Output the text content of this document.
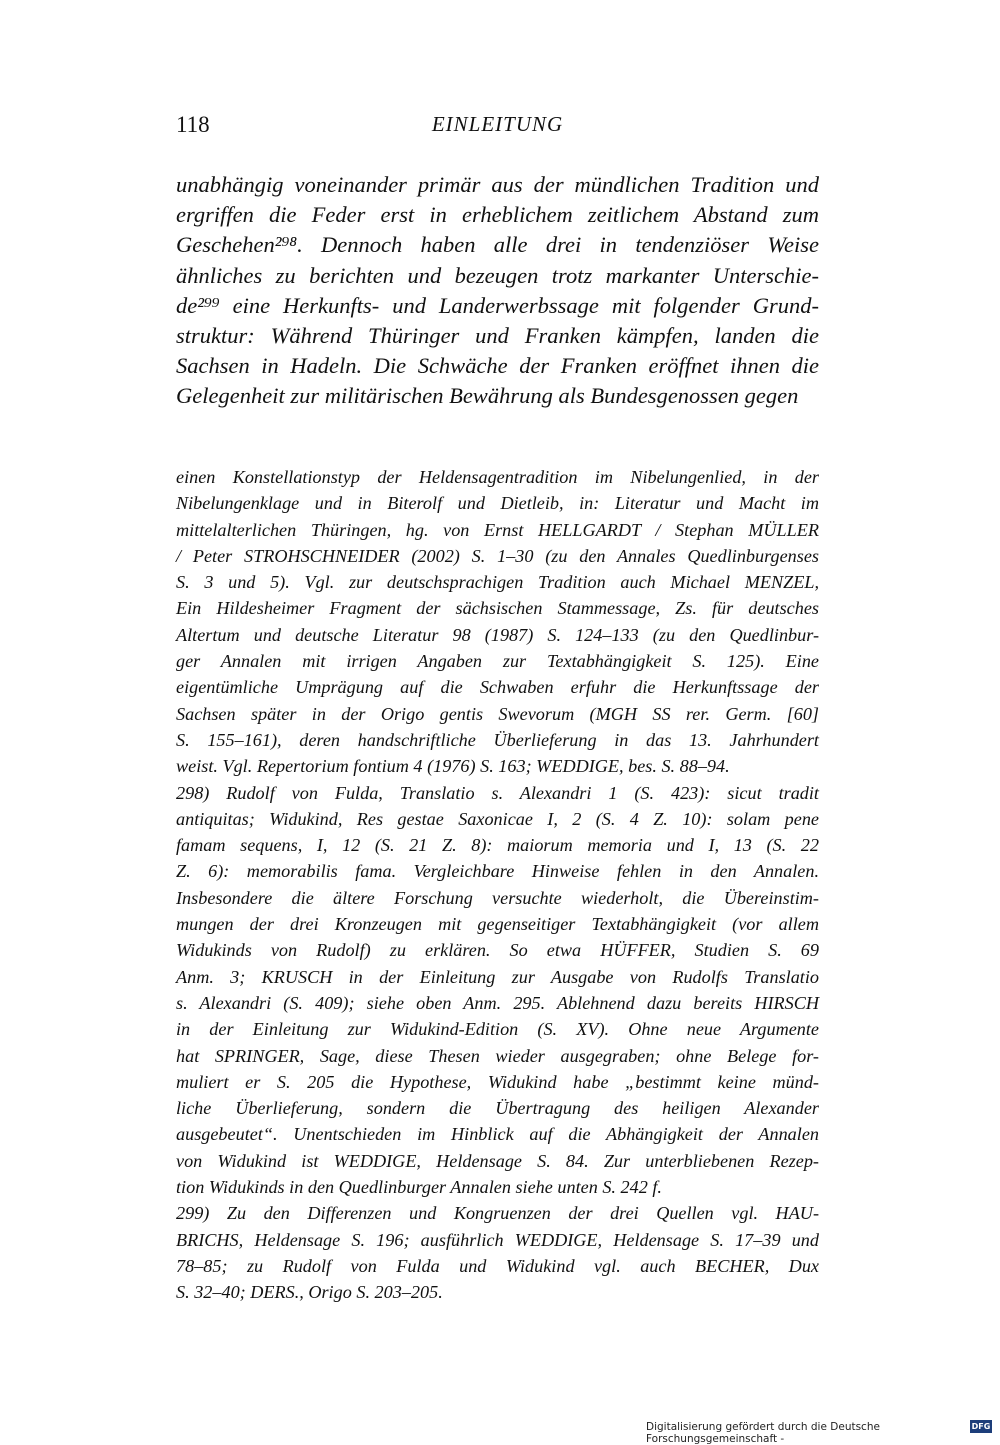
118	EINLEITUNG
unabhängig voneinander primär aus der mündlichen Tradition und
ergriffen die Feder erst in erheblichem zeitlichem Abstand zum
Geschehen²⁹⁸. Dennoch haben alle drei in tendenziöser Weise
ähnliches zu berichten und bezeugen trotz markanter Unterschie-
de²⁹⁹ eine Herkunfts- und Landerwerbssage mit folgender Grund-
struktur: Während Thüringer und Franken kämpfen, landen die
Sachsen in Hadeln. Die Schwäche der Franken eröffnet ihnen die
Gelegenheit zur militärischen Bewährung als Bundesgenossen gegen
einen Konstellationstyp der Heldensagentradition im Nibelungenlied, in der
Nibelungenklage und in Biterolf und Dietleib, in: Literatur und Macht im
mittelalterlichen Thüringen, hg. von Ernst HELLGARDT / Stephan MÜLLER
/ Peter STROHSCHNEIDER (2002) S. 1–30 (zu den Annales Quedlinburgenses
S. 3 und 5). Vgl. zur deutschsprachigen Tradition auch Michael MENZEL,
Ein Hildesheimer Fragment der sächsischen Stammessage, Zs. für deutsches
Altertum und deutsche Literatur 98 (1987) S. 124–133 (zu den Quedlinbur-
ger Annalen mit irrigen Angaben zur Textabhängigkeit S. 125). Eine
eigentümliche Umprägung auf die Schwaben erfuhr die Herkunftssage der
Sachsen später in der Origo gentis Swevorum (MGH SS rer. Germ. [60]
S. 155–161), deren handschriftliche Überlieferung in das 13. Jahrhundert
weist. Vgl. Repertorium fontium 4 (1976) S. 163; WEDDIGE, bes. S. 88–94.
298) Rudolf von Fulda, Translatio s. Alexandri 1 (S. 423): sicut tradit
antiquitas; Widukind, Res gestae Saxonicae I, 2 (S. 4 Z. 10): solam pene
famam sequens, I, 12 (S. 21 Z. 8): maiorum memoria und I, 13 (S. 22
Z. 6): memorabilis fama. Vergleichbare Hinweise fehlen in den Annalen.
Insbesondere die ältere Forschung versuchte wiederholt, die Übereinstim-
mungen der drei Kronzeugen mit gegenseitiger Textabhängigkeit (vor allem
Widukinds von Rudolf) zu erklären. So etwa HÜFFER, Studien S. 69
Anm. 3; KRUSCH in der Einleitung zur Ausgabe von Rudolfs Translatio
s. Alexandri (S. 409); siehe oben Anm. 295. Ablehnend dazu bereits HIRSCH
in der Einleitung zur Widukind-Edition (S. XV). Ohne neue Argumente
hat SPRINGER, Sage, diese Thesen wieder ausgegraben; ohne Belege for-
muliert er S. 205 die Hypothese, Widukind habe „bestimmt keine münd-
liche Überlieferung, sondern die Übertragung des heiligen Alexander
ausgebeutet“. Unentschieden im Hinblick auf die Abhängigkeit der Annalen
von Widukind ist WEDDIGE, Heldensage S. 84. Zur unterbliebenen Rezep-
tion Widukinds in den Quedlinburger Annalen siehe unten S. 242 f.
299) Zu den Differenzen und Kongruenzen der drei Quellen vgl. HAU-
BRICHS, Heldensage S. 196; ausführlich WEDDIGE, Heldensage S. 17–39 und
78–85; zu Rudolf von Fulda und Widukind vgl. auch BECHER, Dux
S. 32–40; DERS., Origo S. 203–205.
Digitalisierung gefördert durch die Deutsche Forschungsgemeinschaft -
DFG
